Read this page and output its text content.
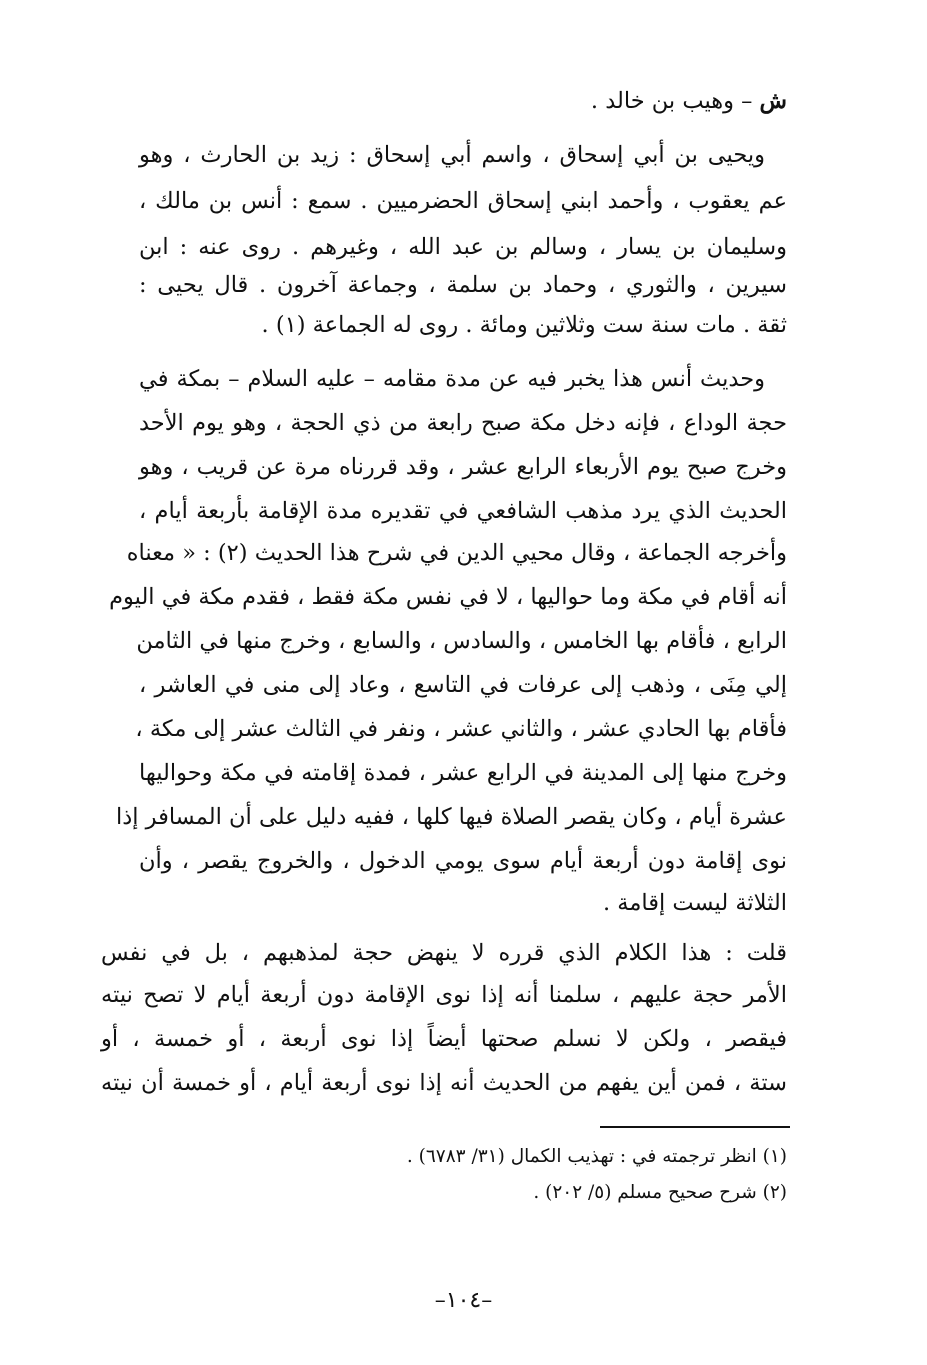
ش – وهيب بن خالد .
ويحيى بن أبي إسحاق ، واسم أبي إسحاق : زيد بن الحارث ، وهو
عم يعقوب ، وأحمد ابني إسحاق الحضرميين . سمع : أنس بن مالك ،
وسليمان بن يسار ، وسالم بن عبد الله ، وغيرهم . روى عنه : ابن
سيرين ، والثوري ، وحماد بن سلمة ، وجماعة آخرون . قال يحيى :
ثقة . مات سنة ست وثلاثين ومائة . روى له الجماعة (١) .
وحديث أنس هذا يخبر فيه عن مدة مقامه – عليه السلام – بمكة في
حجة الوداع ، فإنه دخل مكة صبح رابعة من ذي الحجة ، وهو يوم الأحد
وخرج صبح يوم الأربعاء الرابع عشر ، وقد قررناه مرة عن قريب ، وهو
الحديث الذي يرد مذهب الشافعي في تقديره مدة الإقامة بأربعة أيام ،
وأخرجه الجماعة ، وقال محيي الدين في شرح هذا الحديث (٢) : « معناه
أنه أقام في مكة وما حواليها ، لا في نفس مكة فقط ، فقدم مكة في اليوم
الرابع ، فأقام بها الخامس ، والسادس ، والسابع ، وخرج منها في الثامن
إلي مِنَى ، وذهب إلى عرفات في التاسع ، وعاد إلى منى في العاشر ،
فأقام بها الحادي عشر ، والثاني عشر ، ونفر في الثالث عشر إلى مكة ،
وخرج منها إلى المدينة في الرابع عشر ، فمدة إقامته في مكة وحواليها
عشرة أيام ، وكان يقصر الصلاة فيها كلها ، ففيه دليل على أن المسافر إذا
نوى إقامة دون أربعة أيام سوى يومي الدخول ، والخروج يقصر ، وأن
الثلاثة ليست إقامة .
قلت : هذا الكلام الذي قرره لا ينهض حجة لمذهبهم ، بل في نفس
الأمر حجة عليهم ، سلمنا أنه إذا نوى الإقامة دون أربعة أيام لا تصح نيته
فيقصر ، ولكن لا نسلم صحتها أيضاً إذا نوى أربعة ، أو خمسة ، أو
ستة ، فمن أين يفهم من الحديث أنه إذا نوى أربعة أيام ، أو خمسة أن نيته
(١) انظر ترجمته في : تهذيب الكمال (٣١/ ٦٧٨٣) .
(٢) شرح صحيح مسلم (٥/ ٢٠٢) .
–١٠٤–
